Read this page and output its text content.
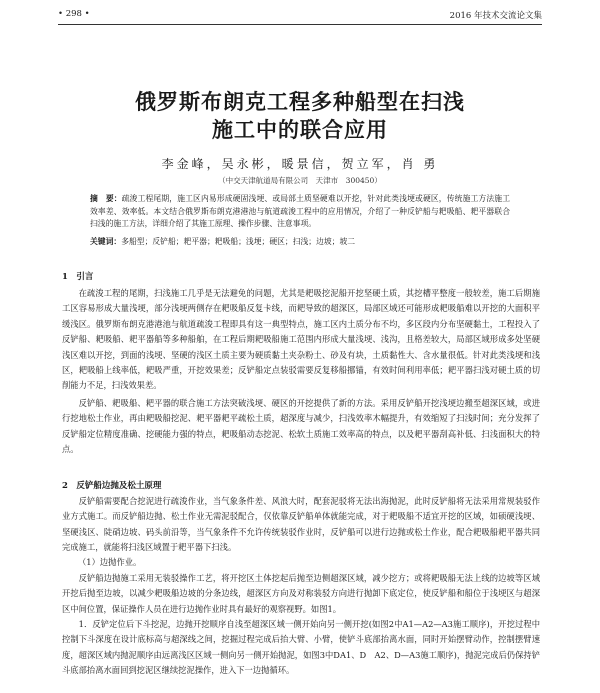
• 298 •	2016 年技术交流论文集
俄罗斯布朗克工程多种船型在扫浅
施工中的联合应用
李金峰，吴永彬，暖景信，贺立军，肖 勇
（中交天津航道局有限公司　天津市　300450）
摘　要：疏浚工程尾期，施工区内易形成硬固浅埂、或局部土质坚硬难以开挖，针对此类浅埂或硬区，传统施工方法施工效率差、效率低。本文结合俄罗斯布朗克港港池与航道疏浚工程中的应用情况，介绍了一种反铲船与耙吸船、耙平器联合扫浅的施工方法，详细介绍了其施工原理、操作步骤、注意事项。
关键词：多船型；反铲船；耙平器；耙吸船；浅埂；硬区；扫浅；边坡；坡二
1　引言
在疏浚工程的尾期，扫浅施工几乎是无法避免的问题，尤其是耙吸挖泥船开挖坚硬土质，其挖槽平整度一般较差，施工后期施工区容易形成大量浅埂，部分浅埂两侧存在耙吸船反复卡线，而耙导致的超深区，局部区域还可能形成耙吸船难以开挖的大面积平缓浅区。俄罗斯布朗克港港池与航道疏浚工程即具有这一典型特点，施工区内土质分布不均，多区段内分布坚硬黏土，工程投入了反铲船、耙吸船、耙平器船等多种船舶，在工程后期耙吸船施工范围内形成大量浅埂、浅沟，且格差较大，局部区域形成多处坚硬浅区难以开挖，到面的浅埂、坚硬的浅区土质主要为硬质黏土夹杂粉土、砂及有块，土质黏性大、含水量很低。针对此类浅埂和浅区，耙吸船上线率低，耙吸严重，开挖效果差；反铲船定点装驳需要反复移船挪锚，有效时间利用率低；耙平器扫浅对硬土质的切削能力不足，扫浅效果差。
反铲船、耙吸船、耙平器的联合施工方法突破浅埂、硬区的开挖提供了新的方法。采用反铲船开挖浅埂边搬至超深区域，或进行挖地松土作业，再由耙吸船挖泥、耙平器耙平疏松土质，超深度与减少，扫浅效率木幅提升，有效缩短了扫浅时间；充分发挥了反铲船定位精度准确、挖硬能力强的特点，耙吸船动态挖泥、松软土质施工效率高的特点，以及耙平器刮高补低、扫浅面积大的特点。
2　反铲船边抛及松土原理
反铲船需要配合挖泥进行疏浚作业，当气象条件差、风浪大时，配套泥驳将无法出海抛泥，此时反铲船将无法采用常规装驳作业方式施工。而反铲船边抛、松土作业无需泥驳配合，仅依靠反铲船单体就能完成，对于耙吸船不适宜开挖的区域，如硕硬浅埂、坚硬浅区、陡硝边坡、码头前沿等，当气象条件不允许传统装驳作业时，反铲船可以进行边抛或松土作业，配合耙吸船耙平器共同完成施工，就能将扫浅区域置于耙平器下扫浅。
（1）边抛作业。
反铲船边抛施工采用无装驳操作工艺，将开挖区土体挖起后抛至边侧超深区域，减少挖方；或将耙吸船无法上线的边坡等区域开挖后抛至边坡，以减少耙吸船边坡的分条边线，超深区方向及对称装驳方向进行抛卸下底定位，使反铲船和船位于浅埂区与超深区中间位置，保证操作人员在进行边抛作业时具有最好的观察视野。如图1。
1．反铲定位后下斗挖泥，边抛开挖顺序自浅至超深区域一侧开始向另一侧开挖(如图2中A1—A2—A3施工顺序)，开挖过程中控制下斗深度在设计底标高与超深线之间，挖掘过程完成后抬大臂、小臂，使铲斗底部抬离水面，同时开始摆臂动作，控制摆臂速度，超深区域内抛泥顺序由远离浅区区域一侧向另一侧开始抛泥，如图3中DA1、D　A2、D—A3施工顺序)，抛泥完成后仍保持铲斗底部抬离水面回到挖泥区继续挖泥操作，进入下一边抛循环。
